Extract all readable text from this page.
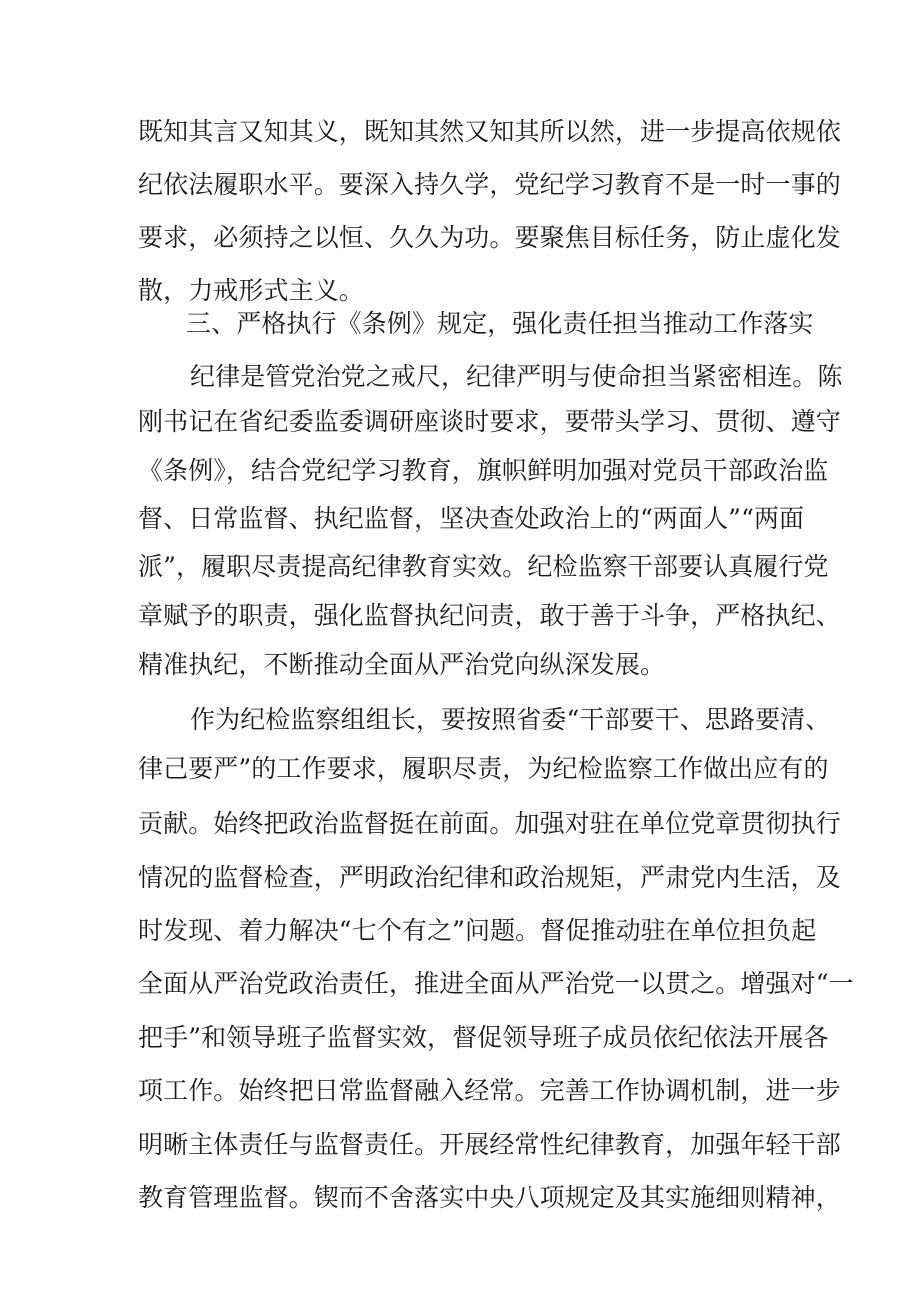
既知其言又知其义，既知其然又知其所以然，进一步提高依规依
纪依法履职水平。要深入持久学，党纪学习教育不是一时一事的
要求，必须持之以恒、久久为功。要聚焦目标任务，防止虚化发
散，力戒形式主义。
三、严格执行《条例》规定，强化责任担当推动工作落实
纪律是管党治党之戒尺，纪律严明与使命担当紧密相连。陈
刚书记在省纪委监委调研座谈时要求，要带头学习、贯彻、遵守
《条例》，结合党纪学习教育，旗帜鲜明加强对党员干部政治监
督、日常监督、执纪监督，坚决查处政治上的“两面人”“两面
派”，履职尽责提高纪律教育实效。纪检监察干部要认真履行党
章赋予的职责，强化监督执纪问责，敢于善于斗争，严格执纪、
精准执纪，不断推动全面从严治党向纵深发展。
作为纪检监察组组长，要按照省委“干部要干、思路要清、
律己要严”的工作要求，履职尽责，为纪检监察工作做出应有的
贡献。始终把政治监督挺在前面。加强对驻在单位党章贯彻执行
情况的监督检查，严明政治纪律和政治规矩，严肃党内生活，及
时发现、着力解决“七个有之”问题。督促推动驻在单位担负起
全面从严治党政治责任，推进全面从严治党一以贯之。增强对“一
把手”和领导班子监督实效，督促领导班子成员依纪依法开展各
项工作。始终把日常监督融入经常。完善工作协调机制，进一步
明晰主体责任与监督责任。开展经常性纪律教育，加强年轻干部
教育管理监督。锲而不舍落实中央八项规定及其实施细则精神，
